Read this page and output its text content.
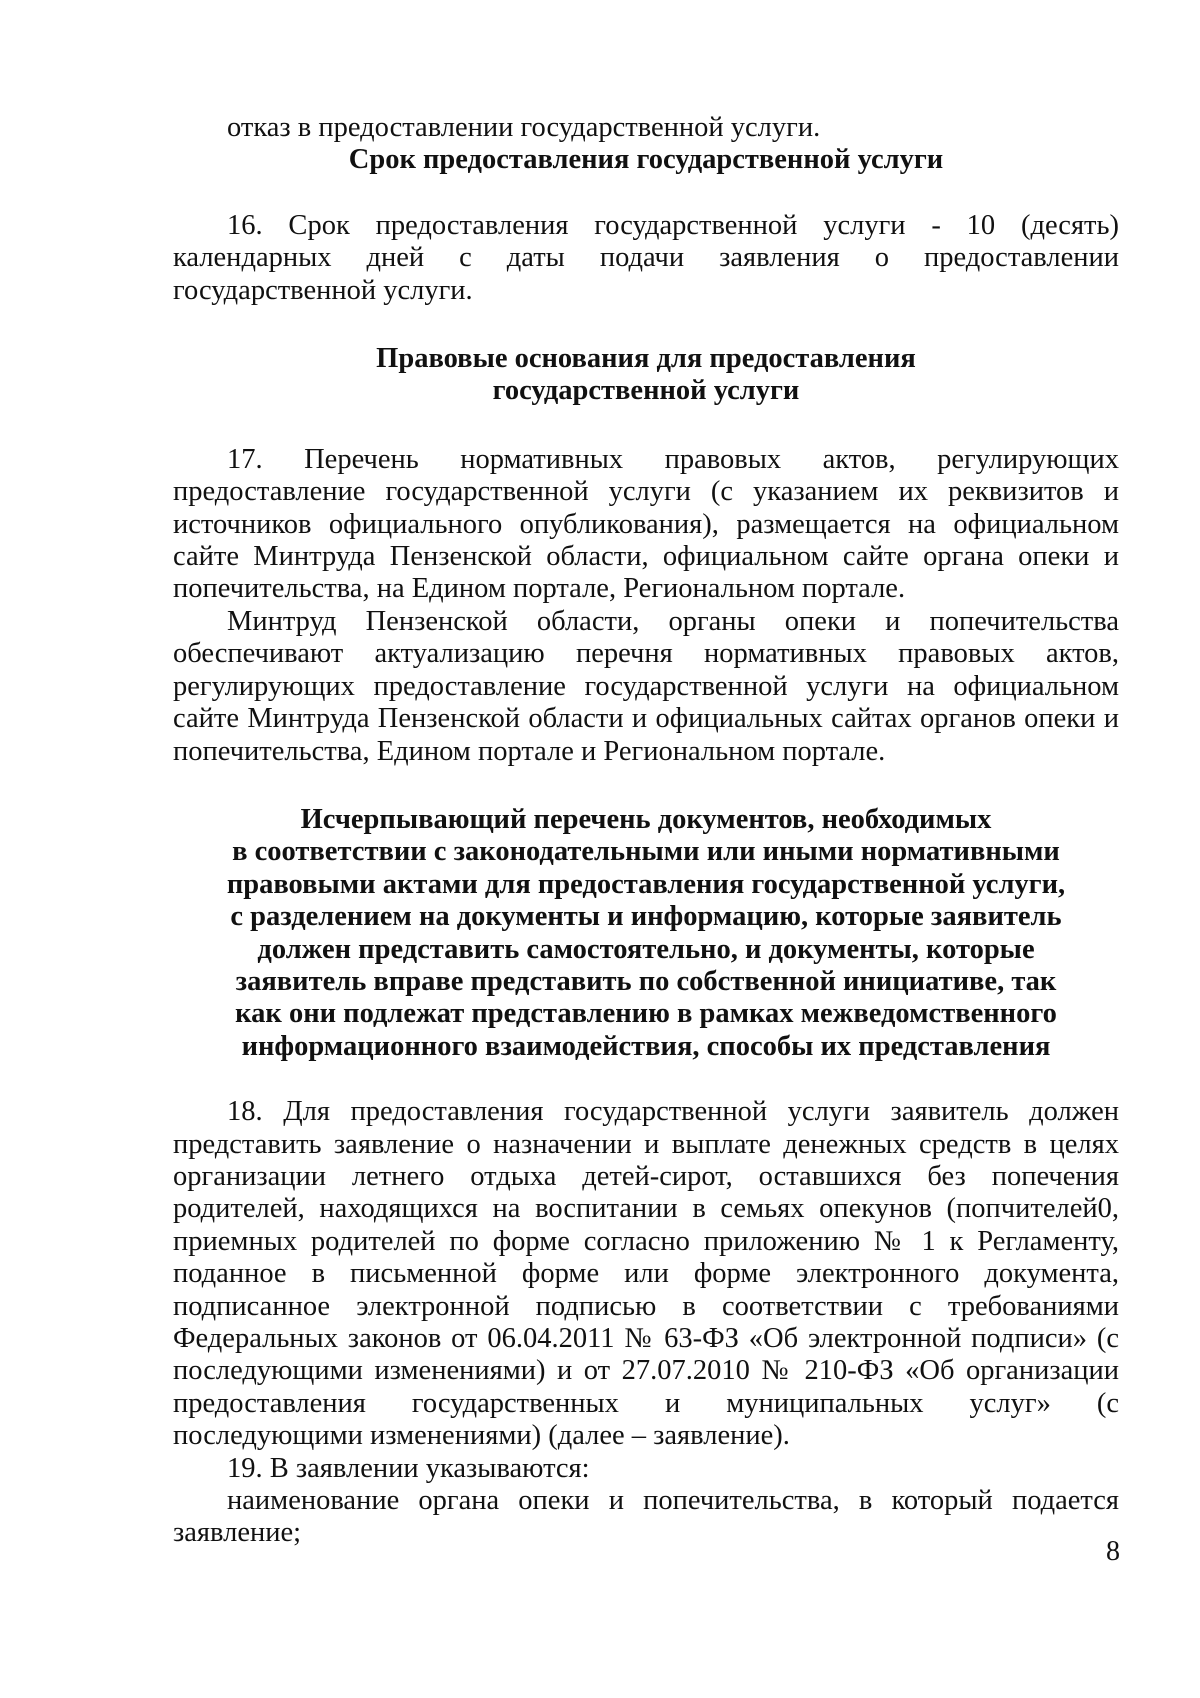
отказ в предоставлении государственной услуги.

Срок предоставления государственной услуги

16. Срок предоставления государственной услуги - 10 (десять) календарных дней с даты подачи заявления о предоставлении государственной услуги.

Правовые основания для предоставления
государственной услуги

17. Перечень нормативных правовых актов, регулирующих предоставление государственной услуги (с указанием их реквизитов и источников официального опубликования), размещается на официальном сайте Минтруда Пензенской области, официальном сайте органа опеки и попечительства, на Едином портале, Региональном портале.

Минтруд Пензенской области, органы опеки и попечительства обеспечивают актуализацию перечня нормативных правовых актов, регулирующих предоставление государственной услуги на официальном сайте Минтруда Пензенской области и официальных сайтах органов опеки и попечительства, Едином портале и Региональном портале.

Исчерпывающий перечень документов, необходимых
в соответствии с законодательными или иными нормативными
правовыми актами для предоставления государственной услуги,
с разделением на документы и информацию, которые заявитель
должен представить самостоятельно, и документы, которые
заявитель вправе представить по собственной инициативе, так
как они подлежат представлению в рамках межведомственного
информационного взаимодействия, способы их представления

18. Для предоставления государственной услуги заявитель должен представить заявление о назначении и выплате денежных средств в целях организации летнего отдыха детей-сирот, оставшихся без попечения родителей, находящихся на воспитании в семьях опекунов (попчителей0, приемных родителей по форме согласно приложению № 1 к Регламенту, поданное в письменной форме или форме электронного документа, подписанное электронной подписью в соответствии с требованиями Федеральных законов от 06.04.2011 № 63-ФЗ «Об электронной подписи» (с последующими изменениями) и от 27.07.2010 № 210-ФЗ «Об организации предоставления государственных и муниципальных услуг» (с последующими изменениями) (далее – заявление).

19. В заявлении указываются:

наименование органа опеки и попечительства, в который подается заявление;

8
